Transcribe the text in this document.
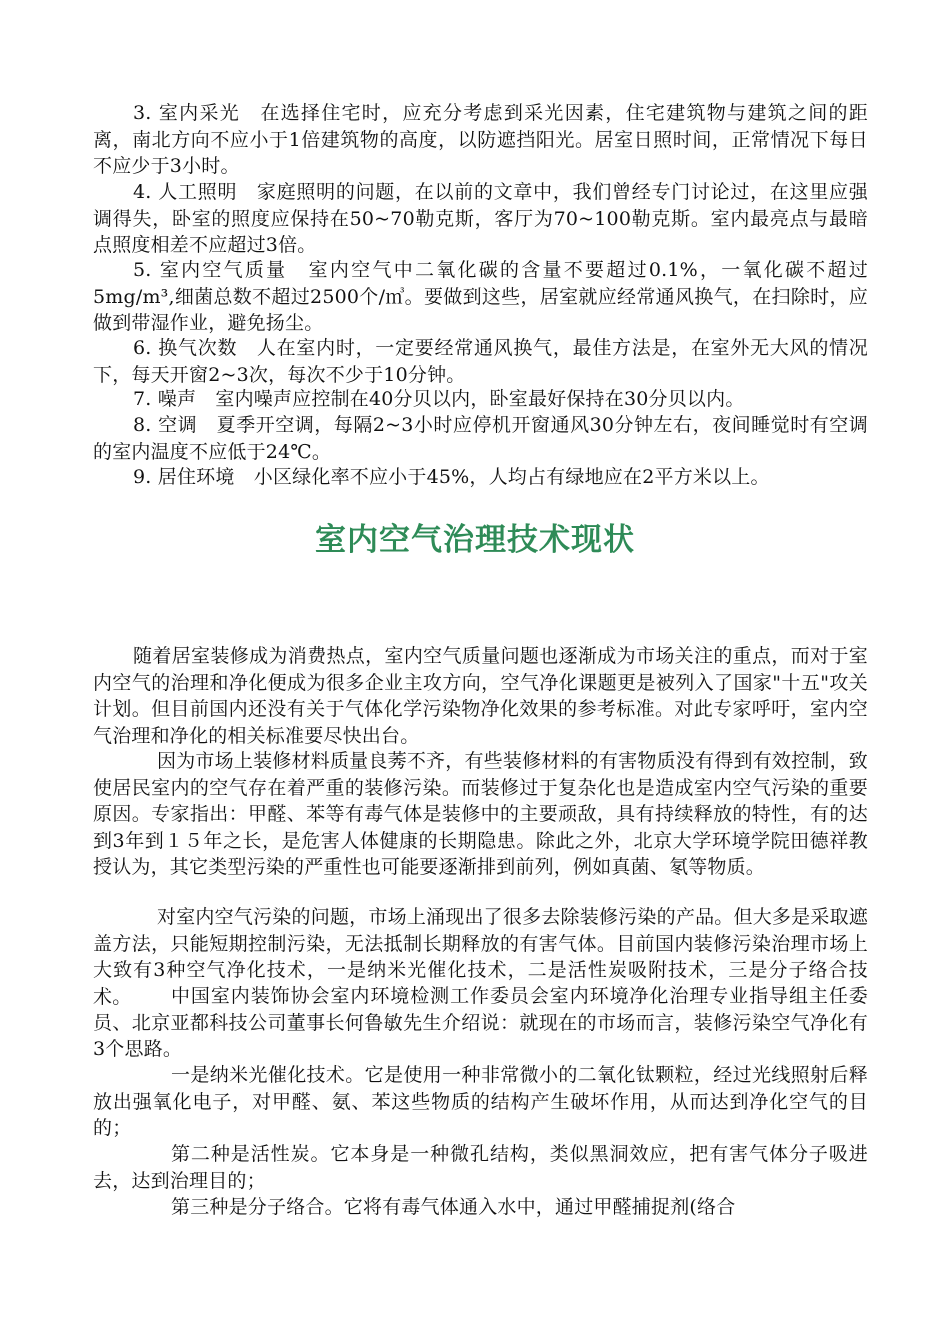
3. 室内采光　在选择住宅时，应充分考虑到采光因素，住宅建筑物与建筑之间的距离，南北方向不应小于1倍建筑物的高度，以防遮挡阳光。居室日照时间，正常情况下每日不应少于3小时。

4. 人工照明　家庭照明的问题，在以前的文章中，我们曾经专门讨论过，在这里应强调得失，卧室的照度应保持在50~70勒克斯，客厅为70~100勒克斯。室内最亮点与最暗点照度相差不应超过3倍。

5. 室内空气质量　室内空气中二氧化碳的含量不要超过0.1%，一氧化碳不超过5mg/m³,细菌总数不超过2500个/㎥。要做到这些，居室就应经常通风换气，在扫除时，应做到带湿作业，避免扬尘。

6. 换气次数　人在室内时，一定要经常通风换气，最佳方法是，在室外无大风的情况下，每天开窗2~3次，每次不少于10分钟。

7. 噪声　室内噪声应控制在40分贝以内，卧室最好保持在30分贝以内。

8. 空调　夏季开空调，每隔2~3小时应停机开窗通风30分钟左右，夜间睡觉时有空调的室内温度不应低于24℃。

9. 居住环境　小区绿化率不应小于45%，人均占有绿地应在2平方米以上。

室内空气治理技术现状

随着居室装修成为消费热点，室内空气质量问题也逐渐成为市场关注的重点，而对于室内空气的治理和净化便成为很多企业主攻方向，空气净化课题更是被列入了国家"十五"攻关计划。但目前国内还没有关于气体化学污染物净化效果的参考标准。对此专家呼吁，室内空气治理和净化的相关标准要尽快出台。

因为市场上装修材料质量良莠不齐，有些装修材料的有害物质没有得到有效控制，致使居民室内的空气存在着严重的装修污染。而装修过于复杂化也是造成室内空气污染的重要原因。专家指出：甲醛、苯等有毒气体是装修中的主要顽敌，具有持续释放的特性，有的达到3年到１５年之长，是危害人体健康的长期隐患。除此之外，北京大学环境学院田德祥教授认为，其它类型污染的严重性也可能要逐渐排到前列，例如真菌、氡等物质。

对室内空气污染的问题，市场上涌现出了很多去除装修污染的产品。但大多是采取遮盖方法，只能短期控制污染，无法抵制长期释放的有害气体。目前国内装修污染治理市场上大致有3种空气净化技术，一是纳米光催化技术，二是活性炭吸附技术，三是分子络合技术。	中国室内装饰协会室内环境检测工作委员会室内环境净化治理专业指导组主任委员、北京亚都科技公司董事长何鲁敏先生介绍说：就现在的市场而言，装修污染空气净化有3个思路。

一是纳米光催化技术。它是使用一种非常微小的二氧化钛颗粒，经过光线照射后释放出强氧化电子，对甲醛、氨、苯这些物质的结构产生破坏作用，从而达到净化空气的目的；

第二种是活性炭。它本身是一种微孔结构，类似黑洞效应，把有害气体分子吸进去，达到治理目的；

第三种是分子络合。它将有毒气体通入水中，通过甲醛捕捉剂(络合
